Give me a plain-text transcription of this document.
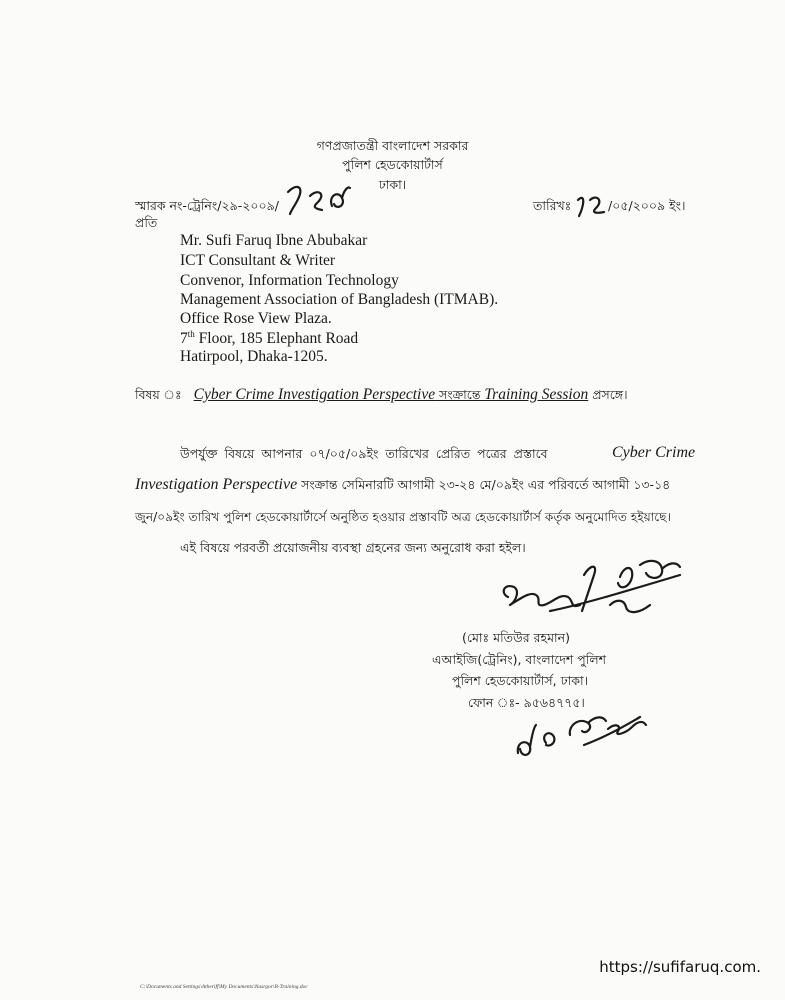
গণপ্রজাতন্ত্রী বাংলাদেশ সরকার
পুলিশ হেডকোয়ার্টার্স
ঢাকা।
স্মারক নং-ট্রেনিং/২৯-২০০৯/	তারিখঃ	/০৫/২০০৯ ইং।
প্রতি
Mr. Sufi Faruq Ibne Abubakar
ICT Consultant & Writer
Convenor, Information Technology
Management Association of Bangladesh (ITMAB).
Office Rose View Plaza.
7th Floor, 185 Elephant Road
Hatirpool, Dhaka-1205.
বিষয় ঃ Cyber Crime Investigation Perspective সংক্রান্তে Training Session প্রসঙ্গে।
উপর্যুক্ত বিষয়ে আপনার ০৭/০৫/০৯ইং তারিখের প্রেরিত পত্রের প্রস্তাবে	Cyber Crime
Investigation Perspective সংক্রান্ত সেমিনারটি আগামী ২৩-২৪ মে/০৯ইং এর পরিবর্তে আগামী ১৩-১৪
জুন/০৯ইং তারিখ পুলিশ হেডকোয়ার্টার্সে অনুষ্ঠিত হওয়ার প্রস্তাবটি অত্র হেডকোয়ার্টার্স কর্তৃক অনুমোদিত হইয়াছে।
এই বিষয়ে পরবর্তী প্রয়োজনীয় ব্যবস্থা গ্রহনের জন্য অনুরোধ করা হইল।
(মোঃ মতিউর রহমান)
এআইজি(ট্রেনিং), বাংলাদেশ পুলিশ
পুলিশ হেডকোয়ার্টার্স, ঢাকা।
ফোন ঃ- ৯৫৬৪৭৭৫।
C:\Documents and Settings\Atheriff\My Documents\Nasrgor\B-Training.doc
https://sufifaruq.com.
